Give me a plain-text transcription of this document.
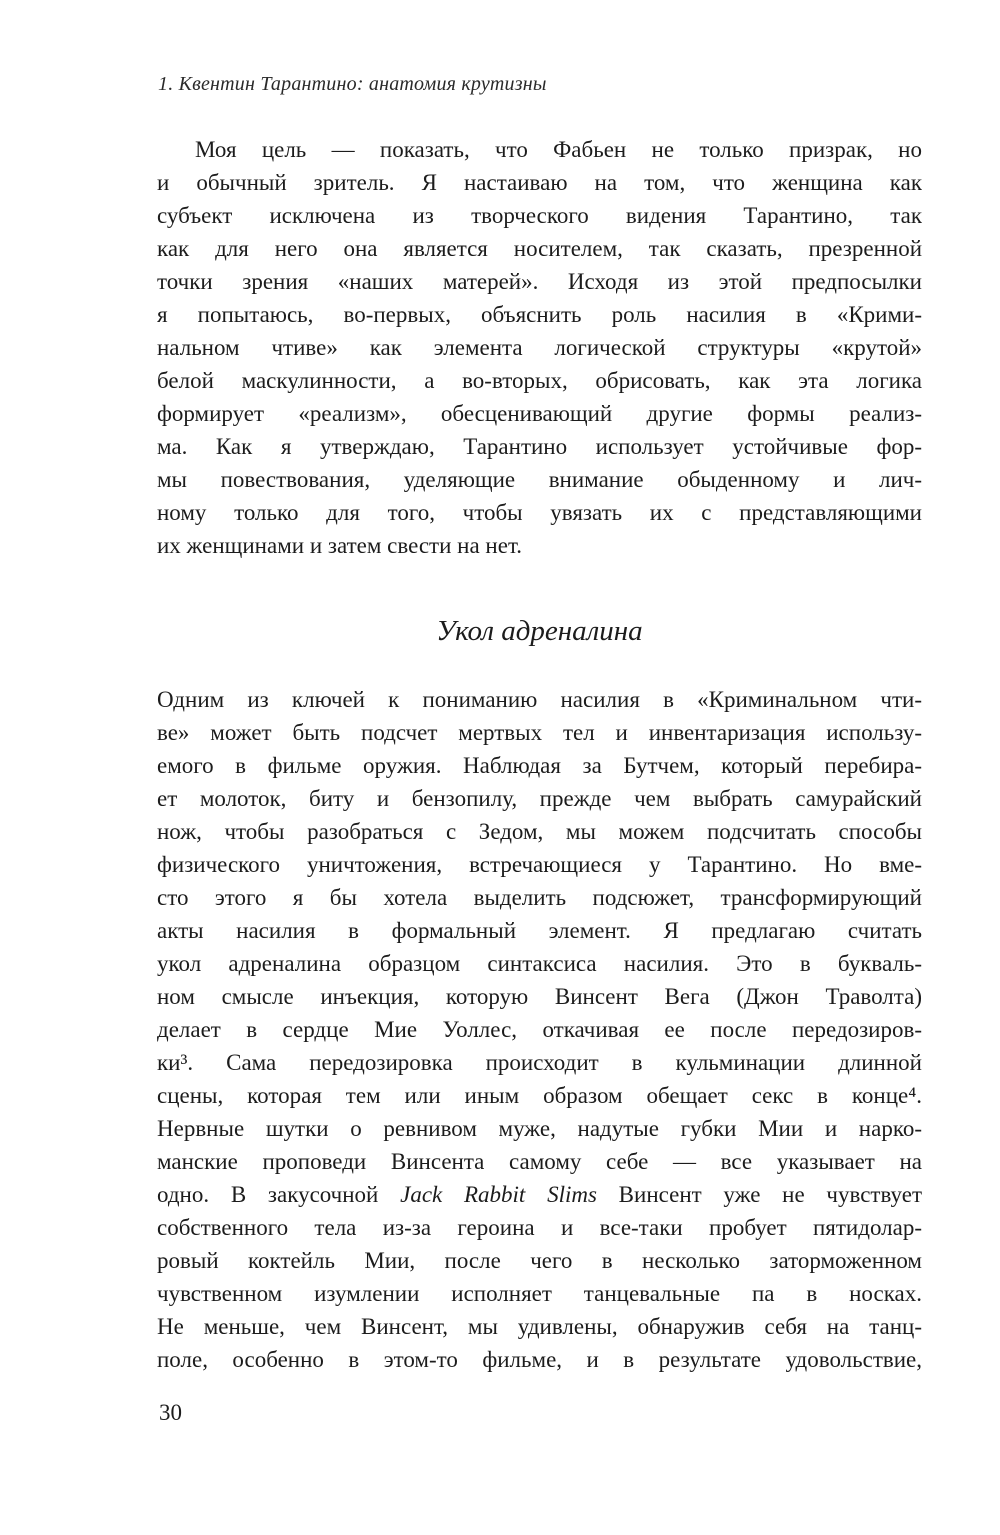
1. Квентин Тарантино: анатомия крутизны
Моя цель — показать, что Фабьен не только призрак, но
и обычный зритель. Я настаиваю на том, что женщина как
субъект исключена из творческого видения Тарантино, так
как для него она является носителем, так сказать, презренной
точки зрения «наших матерей». Исходя из этой предпосылки
я попытаюсь, во-первых, объяснить роль насилия в «Крими-
нальном чтиве» как элемента логической структуры «крутой»
белой маскулинности, а во-вторых, обрисовать, как эта логика
формирует «реализм», обесценивающий другие формы реализ-
ма. Как я утверждаю, Тарантино использует устойчивые фор-
мы повествования, уделяющие внимание обыденному и лич-
ному только для того, чтобы увязать их с представляющими
их женщинами и затем свести на нет.
Укол адреналина
Одним из ключей к пониманию насилия в «Криминальном чти-
ве» может быть подсчет мертвых тел и инвентаризация использу-
емого в фильме оружия. Наблюдая за Бутчем, который перебира-
ет молоток, биту и бензопилу, прежде чем выбрать самурайский
нож, чтобы разобраться с Зедом, мы можем подсчитать способы
физического уничтожения, встречающиеся у Тарантино. Но вме-
сто этого я бы хотела выделить подсюжет, трансформирующий
акты насилия в формальный элемент. Я предлагаю считать
укол адреналина образцом синтаксиса насилия. Это в букваль-
ном смысле инъекция, которую Винсент Вега (Джон Траволта)
делает в сердце Мие Уоллес, откачивая ее после передозиров-
ки³. Сама передозировка происходит в кульминации длинной
сцены, которая тем или иным образом обещает секс в конце⁴.
Нервные шутки о ревнивом муже, надутые губки Мии и нарко-
манские проповеди Винсента самому себе — все указывает на
одно. В закусочной Jack Rabbit Slims Винсент уже не чувствует
собственного тела из-за героина и все-таки пробует пятидолар-
ровый коктейль Мии, после чего в несколько заторможенном
чувственном изумлении исполняет танцевальные па в носках.
Не меньше, чем Винсент, мы удивлены, обнаружив себя на танц-
поле, особенно в этом-то фильме, и в результате удовольствие,
30
